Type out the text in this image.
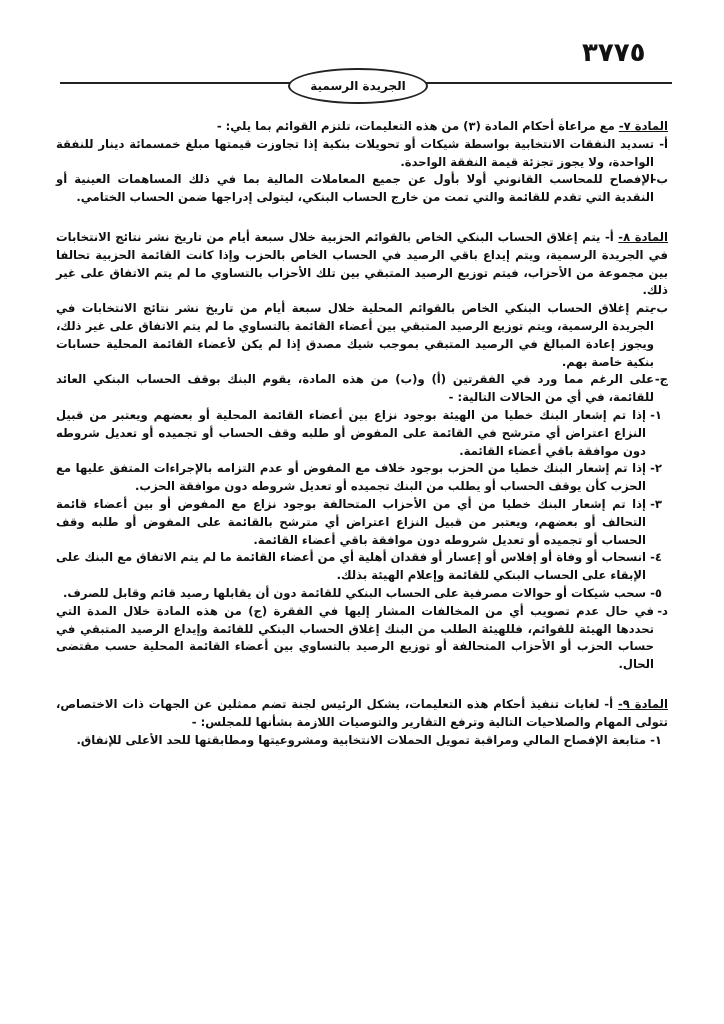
٣٧٧٥
الجريدة الرسمية

المادة ٧- مع مراعاة أحكام المادة (٣) من هذه التعليمات، تلتزم القوائم بما يلي: -

أ-
تسديد النفقات الانتخابية بواسطة شيكات أو تحويلات بنكية إذا تجاوزت قيمتها مبلغ خمسمائة دينار للنفقة الواحدة، ولا يجوز تجزئة قيمة النفقة الواحدة.
ب-
الإفصاح للمحاسب القانوني أولا بأول عن جميع المعاملات المالية بما في ذلك المساهمات العينية أو النقدية التي تقدم للقائمة والتي تمت من خارج الحساب البنكي، ليتولى إدراجها ضمن الحساب الختامي.

المادة ٨- أ- يتم إغلاق الحساب البنكي الخاص بالقوائم الحزبية خلال سبعة أيام من تاريخ نشر نتائج الانتخابات في الجريدة الرسمية، ويتم إيداع باقي الرصيد في الحساب الخاص بالحزب وإذا كانت القائمة الحزبية تحالفا بين مجموعة من الأحزاب، فيتم توزيع الرصيد المتبقي بين تلك الأحزاب بالتساوي ما لم يتم الاتفاق على غير ذلك.

ب-
يتم إغلاق الحساب البنكي الخاص بالقوائم المحلية خلال سبعة أيام من تاريخ نشر نتائج الانتخابات في الجريدة الرسمية، ويتم توزيع الرصيد المتبقي بين أعضاء القائمة بالتساوي ما لم يتم الاتفاق على غير ذلك، ويجوز إعادة المبالغ في الرصيد المتبقي بموجب شيك مصدق إذا لم يكن لأعضاء القائمة المحلية حسابات بنكية خاصة بهم.
ج-
على الرغم مما ورد في الفقرتين (أ) و(ب) من هذه المادة، يقوم البنك بوقف الحساب البنكي العائد للقائمة، في أي من الحالات التالية: -
١-
إذا تم إشعار البنك خطيا من الهيئة بوجود نزاع بين أعضاء القائمة المحلية أو بعضهم ويعتبر من قبيل النزاع اعتراض أي مترشح في القائمة على المفوض أو طلبه وقف الحساب أو تجميده أو تعديل شروطه دون موافقة باقي أعضاء القائمة.
٢-
إذا تم إشعار البنك خطيا من الحزب بوجود خلاف مع المفوض أو عدم التزامه بالإجراءات المتفق عليها مع الحزب كأن يوقف الحساب أو يطلب من البنك تجميده أو تعديل شروطه دون موافقة الحزب.
٣-
إذا تم إشعار البنك خطيا من أي من الأحزاب المتحالفة بوجود نزاع مع المفوض أو بين أعضاء قائمة التحالف أو بعضهم، ويعتبر من قبيل النزاع اعتراض أي مترشح بالقائمة على المفوض أو طلبه وقف الحساب أو تجميده أو تعديل شروطه دون موافقة باقي أعضاء القائمة.
٤-
انسحاب أو وفاة أو إفلاس أو إعسار أو فقدان أهلية أي من أعضاء القائمة ما لم يتم الاتفاق مع البنك على الإبقاء على الحساب البنكي للقائمة وإعلام الهيئة بذلك.
٥-
سحب شيكات أو حوالات مصرفية على الحساب البنكي للقائمة دون أن يقابلها رصيد قائم وقابل للصرف.
د-
في حال عدم تصويب أي من المخالفات المشار إليها في الفقرة (ج) من هذه المادة خلال المدة التي تحددها الهيئة للقوائم، فللهيئة الطلب من البنك إغلاق الحساب البنكي للقائمة وإيداع الرصيد المتبقي في حساب الحزب أو الأحزاب المتحالفة أو توزيع الرصيد بالتساوي بين أعضاء القائمة المحلية حسب مقتضى الحال.

المادة ٩- أ- لغايات تنفيذ أحكام هذه التعليمات، يشكل الرئيس لجنة تضم ممثلين عن الجهات ذات الاختصاص، تتولى المهام والصلاحيات التالية وترفع التقارير والتوصيات اللازمة بشأنها للمجلس: -

١-
متابعة الإفصاح المالي ومراقبة تمويل الحملات الانتخابية ومشروعيتها ومطابقتها للحد الأعلى للإنفاق.
